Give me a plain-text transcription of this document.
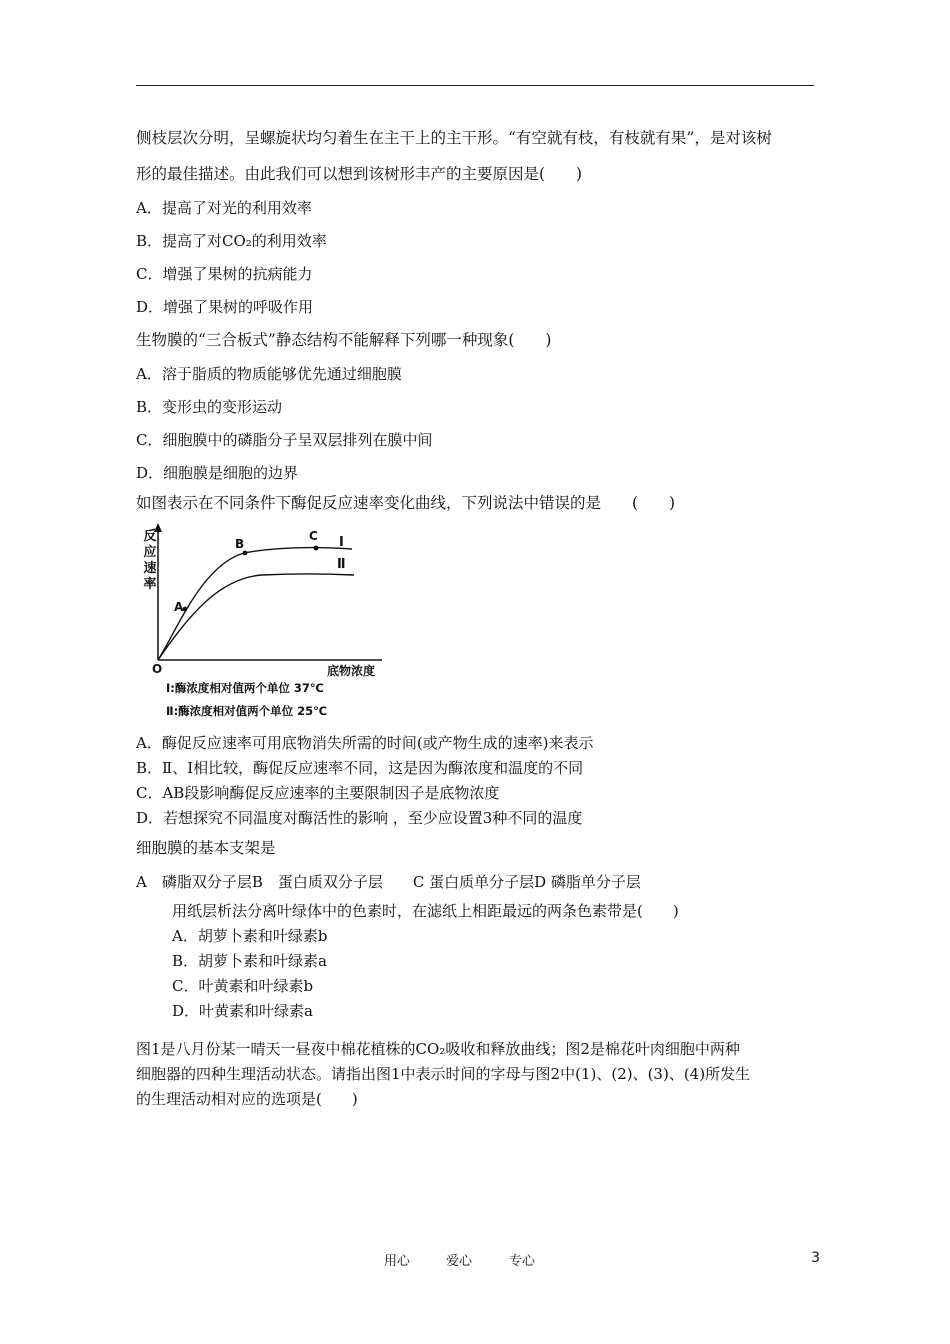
侧枝层次分明，呈螺旋状均匀着生在主干上的主干形。“有空就有枝，有枝就有果”，是对该树
形的最佳描述。由此我们可以想到该树形丰产的主要原因是(　　)
A．提高了对光的利用效率
B．提高了对CO₂的利用效率
C．增强了果树的抗病能力
D．增强了果树的呼吸作用
生物膜的“三合板式”静态结构不能解释下列哪一种现象(　　)
A．溶于脂质的物质能够优先通过细胞膜
B．变形虫的变形运动
C．细胞膜中的磷脂分子呈双层排列在膜中间
D．细胞膜是细胞的边界
如图表示在不同条件下酶促反应速率变化曲线，下列说法中错误的是　　(　　)
反
应
速
率
A
B
C Ⅰ
Ⅱ
O	底物浓度
Ⅰ:酶浓度相对值两个单位 37℃
Ⅱ:酶浓度相对值两个单位 25℃
A．酶促反应速率可用底物消失所需的时间(或产物生成的速率)来表示
B．Ⅱ、Ⅰ相比较，酶促反应速率不同，这是因为酶浓度和温度的不同
C．AB段影响酶促反应速率的主要限制因子是底物浓度
D．若想探究不同温度对酶活性的影响 ，至少应设置3种不同的温度
细胞膜的基本支架是
A　磷脂双分子层B　蛋白质双分子层　　C 蛋白质单分子层D 磷脂单分子层
用纸层析法分离叶绿体中的色素时，在滤纸上相距最远的两条色素带是(　　)
A．胡萝卜素和叶绿素b
B．胡萝卜素和叶绿素a
C．叶黄素和叶绿素b
D．叶黄素和叶绿素a
图1是八月份某一晴天一昼夜中棉花植株的CO₂吸收和释放曲线；图2是棉花叶肉细胞中两种
细胞器的四种生理活动状态。请指出图1中表示时间的字母与图2中(1)、(2)、(3)、(4)所发生
的生理活动相对应的选项是(　　)
用心	爱心	专心	3
